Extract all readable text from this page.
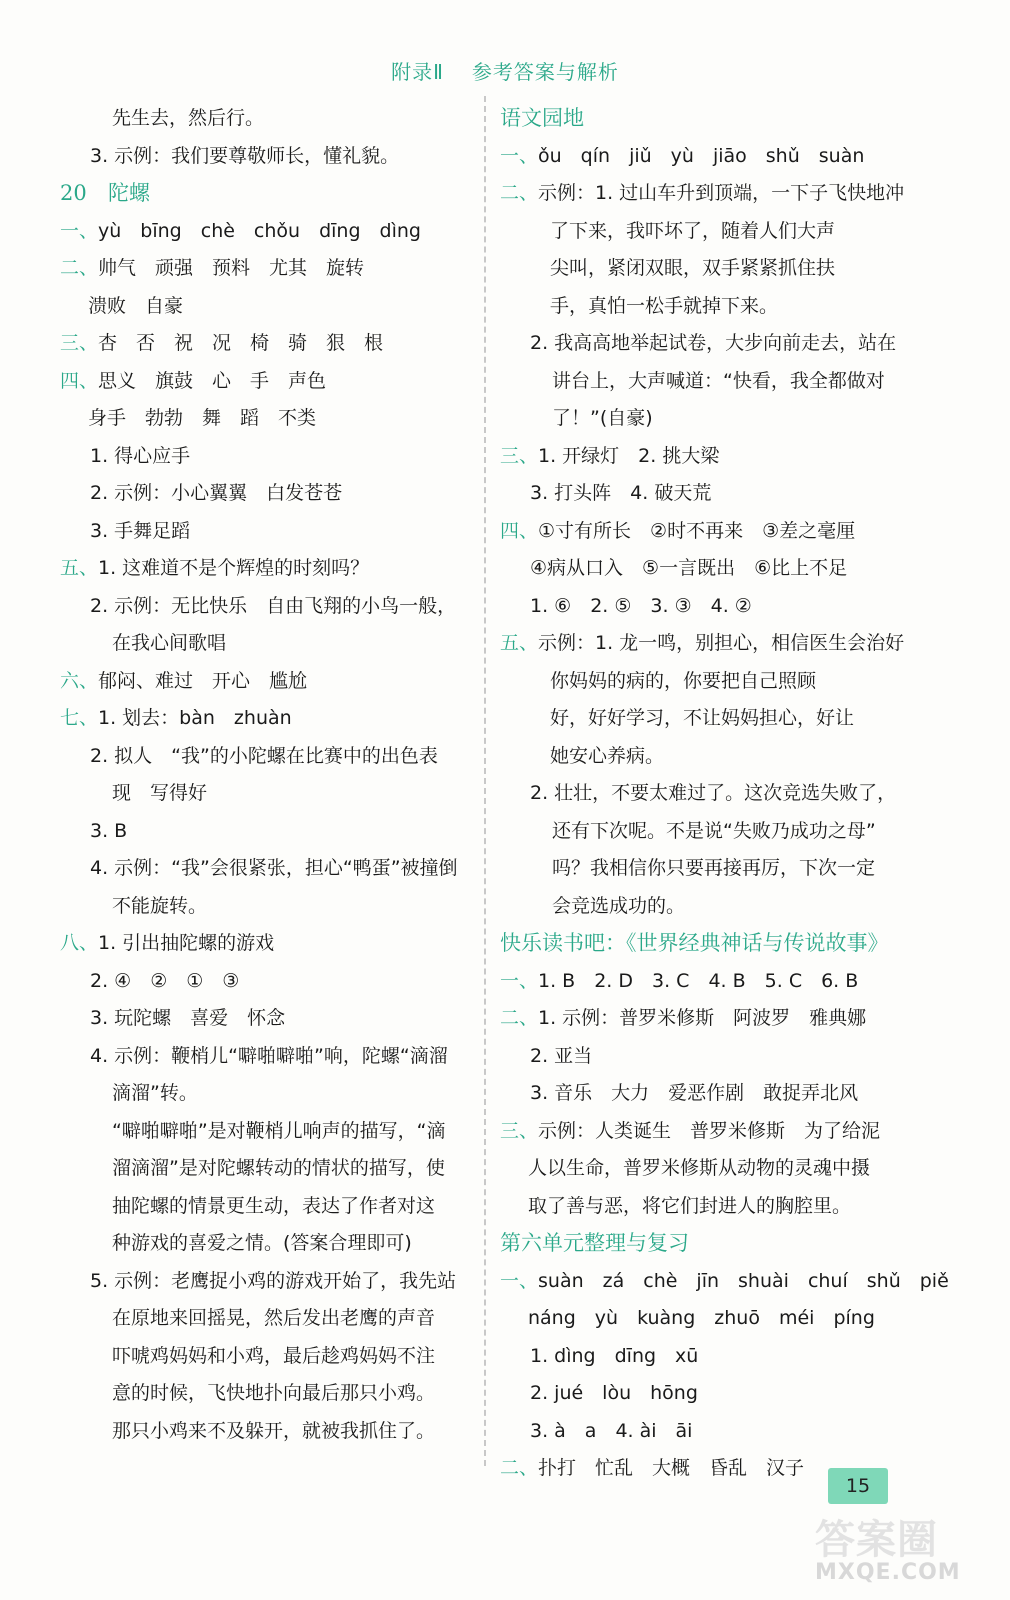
附录Ⅱ 参考答案与解析
先生去，然后行。
3. 示例：我们要尊敬师长，懂礼貌。
20 陀螺
一、yù　bīng　chè　chǒu　dīng　dìng
二、帅气　顽强　预料　尤其　旋转
溃败　自豪
三、杏　否　祝　况　椅　骑　狠　根
四、思义　旗鼓　心　手　声色
身手　勃勃　舞　蹈　不类
1. 得心应手
2. 示例：小心翼翼　白发苍苍
3. 手舞足蹈
五、1. 这难道不是个辉煌的时刻吗？
2. 示例：无比快乐　自由飞翔的小鸟一般，
在我心间歌唱
六、郁闷、难过　开心　尴尬
七、1. 划去：bàn　zhuàn
2. 拟人　“我”的小陀螺在比赛中的出色表
现　写得好
3. B
4. 示例：“我”会很紧张，担心“鸭蛋”被撞倒
不能旋转。
八、1. 引出抽陀螺的游戏
2. ④　②　①　③
3. 玩陀螺　喜爱　怀念
4. 示例：鞭梢儿“噼啪噼啪”响，陀螺“滴溜
滴溜”转。
“噼啪噼啪”是对鞭梢儿响声的描写，“滴
溜滴溜”是对陀螺转动的情状的描写，使
抽陀螺的情景更生动，表达了作者对这
种游戏的喜爱之情。(答案合理即可)
5. 示例：老鹰捉小鸡的游戏开始了，我先站
在原地来回摇晃，然后发出老鹰的声音
吓唬鸡妈妈和小鸡，最后趁鸡妈妈不注
意的时候，飞快地扑向最后那只小鸡。
那只小鸡来不及躲开，就被我抓住了。
语文园地
一、ǒu　qín　jiǔ　yù　jiāo　shǔ　suàn
二、示例：1. 过山车升到顶端，一下子飞快地冲
了下来，我吓坏了，随着人们大声
尖叫，紧闭双眼，双手紧紧抓住扶
手，真怕一松手就掉下来。
2. 我高高地举起试卷，大步向前走去，站在
讲台上，大声喊道：“快看，我全都做对
了！”(自豪)
三、1. 开绿灯　2. 挑大梁
3. 打头阵　4. 破天荒
四、①寸有所长　②时不再来　③差之毫厘
④病从口入　⑤一言既出　⑥比上不足
1. ⑥　2. ⑤　3. ③　4. ②
五、示例：1. 龙一鸣，别担心，相信医生会治好
你妈妈的病的，你要把自己照顾
好，好好学习，不让妈妈担心，好让
她安心养病。
2. 壮壮，不要太难过了。这次竞选失败了，
还有下次呢。不是说“失败乃成功之母”
吗？我相信你只要再接再厉，下次一定
会竞选成功的。
快乐读书吧：《世界经典神话与传说故事》
一、1. B　2. D　3. C　4. B　5. C　6. B
二、1. 示例：普罗米修斯　阿波罗　雅典娜
2. 亚当
3. 音乐　大力　爱恶作剧　敢捉弄北风
三、示例：人类诞生　普罗米修斯　为了给泥
人以生命，普罗米修斯从动物的灵魂中摄
取了善与恶，将它们封进人的胸腔里。
第六单元整理与复习
一、suàn　zá　chè　jīn　shuài　chuí　shǔ　piě
náng　yù　kuàng　zhuō　méi　píng
1. dìng　dīng　xū
2. jué　lòu　hōng
3. à　a　4. ài　āi
二、扑打　忙乱　大概　昏乱　汉子
15
答案圈
MXQE.COM
